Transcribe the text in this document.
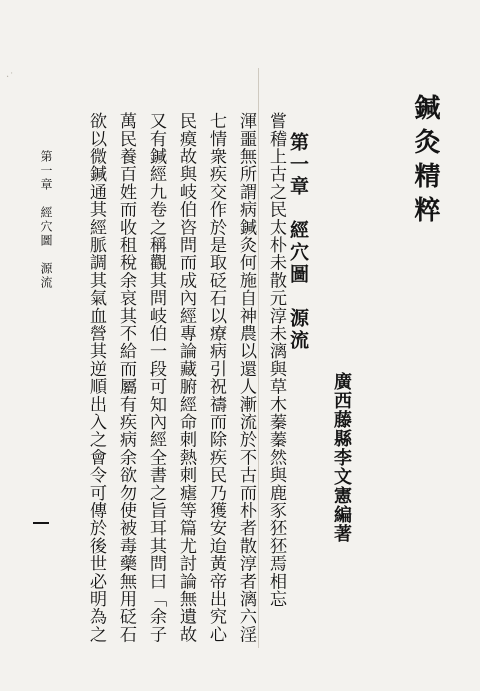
·˙
鍼灸精粹
第一章　經穴圖　源流
廣西藤縣李文憲編著
嘗稽上古之民太朴未散元淳未漓與草木蓁蓁然與鹿豕狉狉焉相忘
渾噩無所謂病鍼灸何施自神農以還人漸流於不古而朴者散淳者漓六淫
七情衆疾交作於是取砭石以療病引祝禱而除疾民乃獲安迨黃帝出究心
民瘼故與岐伯咨問而成內經專論藏腑經命刺熱刺瘧等篇尤討論無遺故
又有鍼經九卷之稱觀其問岐伯一段可知內經全書之旨耳其問曰「余子
萬民養百姓而收租稅余哀其不給而屬有疾病余欲勿使被毒藥無用砭石
欲以微鍼通其經脈調其氣血營其逆順出入之會令可傳於後世必明為之
第一章　經穴圖　源流
